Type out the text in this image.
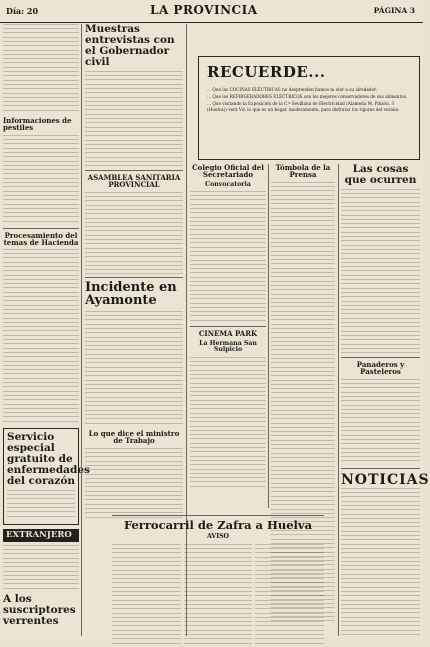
Día: 20	LA PROVINCIA	PÁGINA 3
Informaciones de pestiles
Procesamiento del temas de Hacienda
Servicio especial gratuito de enfermedades del corazón
EXTRANJERO
A los suscriptores verrentes
Muestras entrevistas con el Gobernador civil
ASAMBLEA SANITARIA PROVINCIAL
Incidente en Ayamonte
Lo que dice el ministro de Trabajo
RECUERDE...
... Que las COCINAS ELÉCTRICAS no desprenden humos ni olor a su alrededor.
... Que los REFRIGERADORES ELÉCTRICOS son los mejores conservadores de sus alimentos.
... Que visitando la Exposición de la C.ª Sevillana de Electricidad (Alameda M. Pinzón, 3 (Huelva)) verá Vd. lo que es un hogar, moderamente, para disfrutar los rigores del verano.
Colegio Oficial del Secretariado
Convocatoria
CINEMA PARK
La Hermana San Sulpicio
Tómbola de la Prensa	Las cosas que ocurren
Panaderos y Pasteleros
NOTICIAS
Ferrocarril de Zafra a Huelva
AVISO
